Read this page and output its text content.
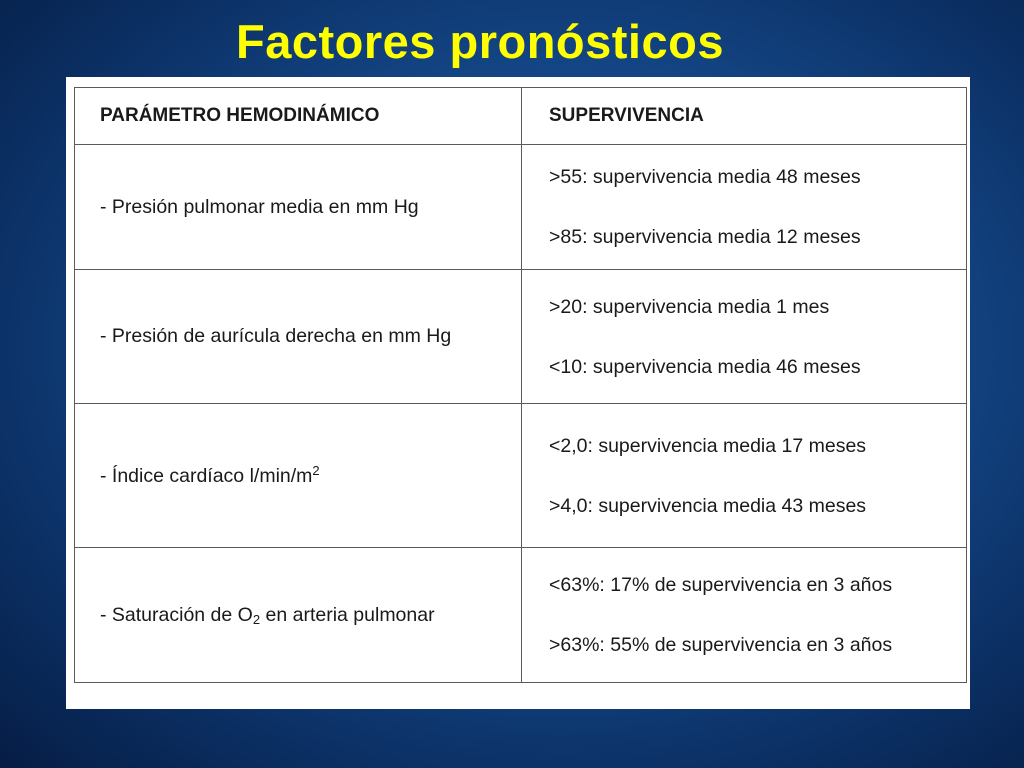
Factores pronósticos
PARÁMETRO HEMODINÁMICO	SUPERVIVENCIA
- Presión pulmonar media en mm Hg	>55: supervivencia media 48 meses
>85: supervivencia media 12 meses

- Presión de aurícula derecha en mm Hg	>20: supervivencia media 1 mes
<10: supervivencia media 46 meses

- Índice cardíaco $l/\min/m^2$	<2,0: supervivencia media 17 meses
>4,0: supervivencia media 43 meses

- Saturación de $O_2$ en arteria pulmonar	<63%: 17% de supervivencia en 3 años
>63%: 55% de supervivencia en 3 años
